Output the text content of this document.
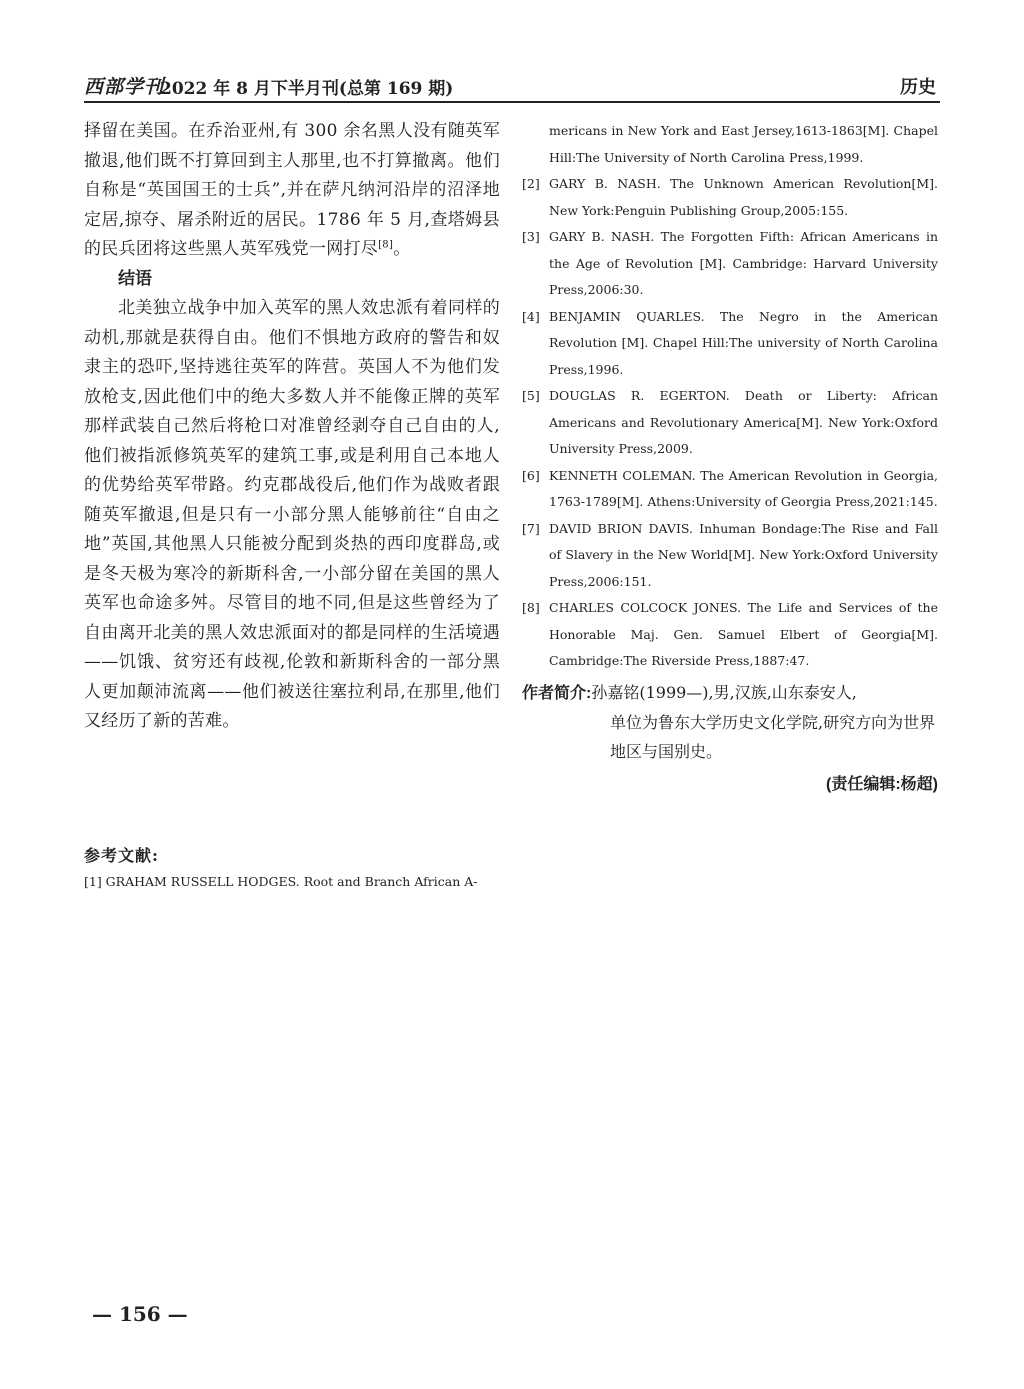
西部学刊
2022 年 8 月下半月刊(总第 169 期)	历史

择留在美国。在乔治亚州,有 300 余名黑人没有随英军撤退,他们既不打算回到主人那里,也不打算撤离。他们自称是“英国国王的士兵”,并在萨凡纳河沿岸的沼泽地定居,掠夺、屠杀附近的居民。1786 年 5 月,查塔姆县的民兵团将这些黑人英军残党一网打尽[8]。

结语

北美独立战争中加入英军的黑人效忠派有着同样的动机,那就是获得自由。他们不惧地方政府的警告和奴隶主的恐吓,坚持逃往英军的阵营。英国人不为他们发放枪支,因此他们中的绝大多数人并不能像正牌的英军那样武装自己然后将枪口对准曾经剥夺自己自由的人,他们被指派修筑英军的建筑工事,或是利用自己本地人的优势给英军带路。约克郡战役后,他们作为战败者跟随英军撤退,但是只有一小部分黑人能够前往“自由之地”英国,其他黑人只能被分配到炎热的西印度群岛,或是冬天极为寒冷的新斯科舍,一小部分留在美国的黑人英军也命途多舛。尽管目的地不同,但是这些曾经为了自由离开北美的黑人效忠派面对的都是同样的生活境遇——饥饿、贫穷还有歧视,伦敦和新斯科舍的一部分黑人更加颠沛流离——他们被送往塞拉利昂,在那里,他们又经历了新的苦难。

参考文献:

[1] GRAHAM RUSSELL HODGES. Root and Branch African A-

mericans in New York and East Jersey,1613-1863[M]. Chapel Hill:The University of North Carolina Press,1999.

[2] GARY B. NASH. The Unknown American Revolution[M]. New York:Penguin Publishing Group,2005:155.
[3] GARY B. NASH. The Forgotten Fifth: African Americans in the Age of Revolution [M]. Cambridge: Harvard University Press,2006:30.
[4] BENJAMIN QUARLES. The Negro in the American Revolution [M]. Chapel Hill:The university of North Carolina Press,1996.
[5] DOUGLAS R. EGERTON. Death or Liberty: African Americans and Revolutionary America[M]. New York:Oxford University Press,2009.
[6] KENNETH COLEMAN. The American Revolution in Georgia, 1763-1789[M]. Athens:University of Georgia Press,2021:145.
[7] DAVID BRION DAVIS. Inhuman Bondage:The Rise and Fall of Slavery in the New World[M]. New York:Oxford University Press,2006:151.
[8] CHARLES COLCOCK JONES. The Life and Services of the Honorable Maj. Gen. Samuel Elbert of Georgia[M]. Cambridge:The Riverside Press,1887:47.
作者简介:孙嘉铭(1999—),男,汉族,山东泰安人,

单位为鲁东大学历史文化学院,研究方向为世界地区与国别史。

(责任编辑:杨超)
— 156 —
